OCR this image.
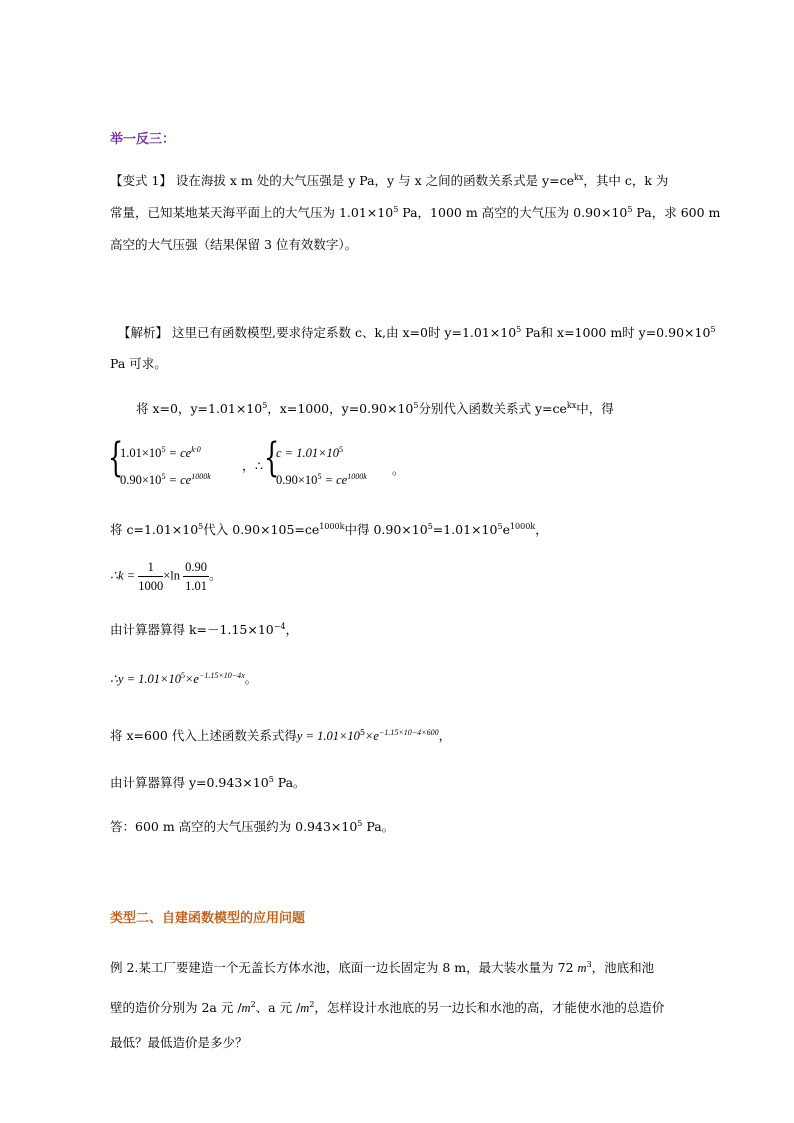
举一反三：
【变式 1】 设在海拔 x m 处的大气压强是 y Pa，y 与 x 之间的函数关系式是 $y=ce^{kx}$，其中 c，k 为
常量，已知某地某天海平面上的大气压为 $1.01\times 10^5$ Pa，1000 m 高空的大气压为 $0.90\times 10^5$ Pa，求 600 m
高空的大气压强（结果保留 3 位有效数字）。
【解析】 这里已有函数模型,要求待定系数 c、k,由 x=0时 $y=1.01\times 10^5$ Pa和 x=1000 m时 $y=0.90\times 10^5$
Pa 可求。
将 x=0，$y=1.01\times 10^5$，x=1000，$y=0.90\times 10^5$分别代入函数关系式 $y=ce^{kx}$中，得
{
$1.01\times 10^5 = ce^{k\cdot 0}$
$0.90\times 10^5 = ce^{1000k}$
， ∴ {
$c = 1.01\times 10^5$
$0.90\times 10^5 = ce^{1000k}$ 。
将 $c=1.01\times 10^5$代入 $0.90\times 105=ce^{1000k}$中得 $0.90\times 10^5=1.01\times 10^5e^{1000k}$，
∴k = $\frac{1}{1000} \times\ln \frac{0.90}{1.01}$ 。
由计算器算得 $k=-1.15\times 10^{-4}$，
∴y = $1.01\times 10^5\times e^{-1.15\times 10-4x}$。
将 x=600 代入上述函数关系式得$y = 1.01\times 10^5\times e^{-1.15\times 10-4\times 600}$，
由计算器算得 $y=0.943\times 10^5$ Pa。
答：600 m 高空的大气压强约为 $0.943\times 10^5$ Pa。
类型二、自建函数模型的应用问题
例 2.某工厂要建造一个无盖长方体水池，底面一边长固定为 8 m，最大装水量为 72 $m^3$，池底和池
壁的造价分别为 2a 元 $/m^2$、a 元 $/m^2$，怎样设计水池底的另一边长和水池的高，才能使水池的总造价
最低？最低造价是多少？
